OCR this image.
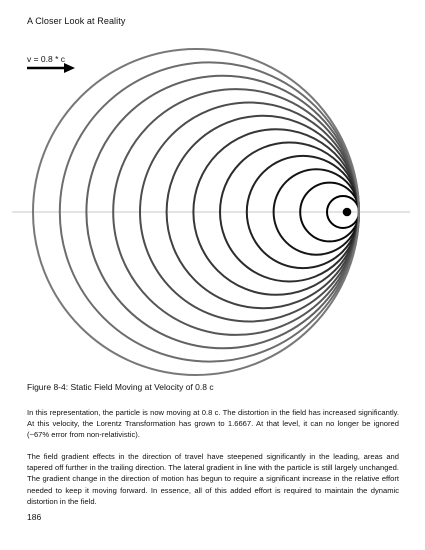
A Closer Look at Reality
v = 0.8 * c
Figure 8-4: Static Field Moving at Velocity of 0.8 c
In this representation, the particle is now moving at 0.8 c. The distortion in the field has increased significantly. At this velocity, the Lorentz Transformation has grown to 1.6667. At that level, it can no longer be ignored (~67% error from non-relativistic).
The field gradient effects in the direction of travel have steepened significantly in the leading, areas and tapered off further in the trailing direction. The lateral gradient in line with the particle is still largely unchanged. The gradient change in the direction of motion has begun to require a significant increase in the relative effort needed to keep it moving forward. In essence, all of this added effort is required to maintain the dynamic distortion in the field.
186
